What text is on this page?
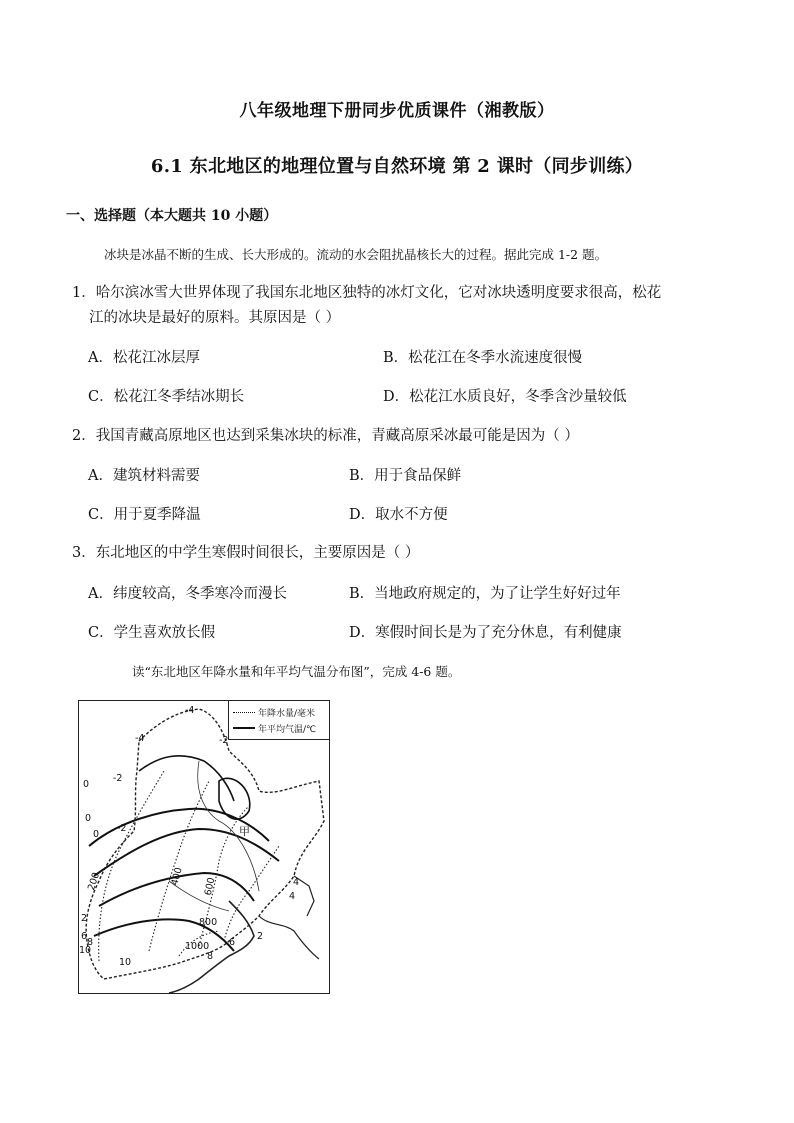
八年级地理下册同步优质课件（湘教版）
6.1 东北地区的地理位置与自然环境 第 2 课时（同步训练）
一、选择题（本大题共 10 小题）
冰块是冰晶不断的生成、长大形成的。流动的水会阻扰晶核长大的过程。据此完成 1-2 题。
1．哈尔滨冰雪大世界体现了我国东北地区独特的冰灯文化，它对冰块透明度要求很高，松花
江的冰块是最好的原料。其原因是（ ）
A．松花江冰层厚	B．松花江在冬季水流速度很慢
C．松花江冬季结冰期长	D．松花江水质良好，冬季含沙量较低
2．我国青藏高原地区也达到采集冰块的标准，青藏高原采冰最可能是因为（ ）
A．建筑材料需要	B．用于食品保鲜
C．用于夏季降温	D．取水不方便
3．东北地区的中学生寒假时间很长，主要原因是（ ）
A．纬度较高，冬季寒冷而漫长	B．当地政府规定的，为了让学生好好过年
C．学生喜欢放长假	D．寒假时间长是为了充分休息，有利健康
读“东北地区年降水量和年平均气温分布图”，完成 4-6 题。
年降水量/毫米
年平均气温/℃
-4
-4	-2
-2
-2
0
0
0
2
2
4
4
6
6
8
8
10
10
200	400 600
800
1000
甲
